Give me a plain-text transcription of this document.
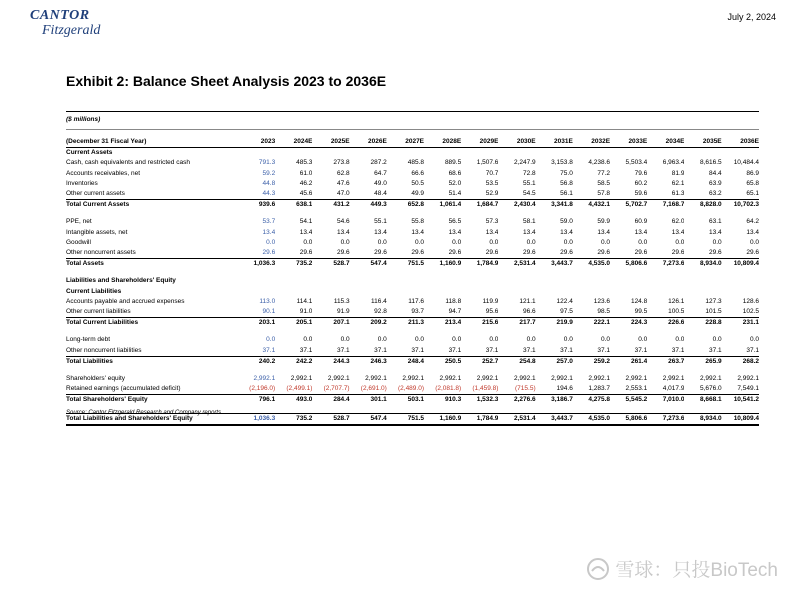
CANTOR
Fitzgerald
July 2, 2024
Exhibit 2: Balance Sheet Analysis 2023 to 2036E
($ millions)
(December 31 Fiscal Year)	2023	2024E	2025E	2026E	2027E	2028E	2029E	2030E	2031E	2032E	2033E	2034E	2035E	2036E
Current Assets														
Cash, cash equivalents and restricted cash	791.3	485.3	273.8	287.2	485.8	889.5	1,507.6	2,247.9	3,153.8	4,238.6	5,503.4	6,963.4	8,616.5	10,484.4
Accounts receivables, net	59.2	61.0	62.8	64.7	66.6	68.6	70.7	72.8	75.0	77.2	79.6	81.9	84.4	86.9
Inventories	44.8	46.2	47.6	49.0	50.5	52.0	53.5	55.1	56.8	58.5	60.2	62.1	63.9	65.8
Other current assets	44.3	45.6	47.0	48.4	49.9	51.4	52.9	54.5	56.1	57.8	59.6	61.3	63.2	65.1
Total Current Assets	939.6	638.1	431.2	449.3	652.8	1,061.4	1,684.7	2,430.4	3,341.8	4,432.1	5,702.7	7,168.7	8,828.0	10,702.3

PPE, net	53.7	54.1	54.6	55.1	55.8	56.5	57.3	58.1	59.0	59.9	60.9	62.0	63.1	64.2
Intangible assets, net	13.4	13.4	13.4	13.4	13.4	13.4	13.4	13.4	13.4	13.4	13.4	13.4	13.4	13.4
Goodwill	0.0	0.0	0.0	0.0	0.0	0.0	0.0	0.0	0.0	0.0	0.0	0.0	0.0	0.0
Other noncurrent assets	29.6	29.6	29.6	29.6	29.6	29.6	29.6	29.6	29.6	29.6	29.6	29.6	29.6	29.6
Total Assets	1,036.3	735.2	528.7	547.4	751.5	1,160.9	1,784.9	2,531.4	3,443.7	4,535.0	5,806.6	7,273.6	8,934.0	10,809.4

Liabilities and Shareholders' Equity														
Current Liabilities														
Accounts payable and accrued expenses	113.0	114.1	115.3	116.4	117.6	118.8	119.9	121.1	122.4	123.6	124.8	126.1	127.3	128.6
Other current liabilities	90.1	91.0	91.9	92.8	93.7	94.7	95.6	96.6	97.5	98.5	99.5	100.5	101.5	102.5
Total Current Liabilities	203.1	205.1	207.1	209.2	211.3	213.4	215.6	217.7	219.9	222.1	224.3	226.6	228.8	231.1

Long-term debt	0.0	0.0	0.0	0.0	0.0	0.0	0.0	0.0	0.0	0.0	0.0	0.0	0.0	0.0
Other noncurrent liabilities	37.1	37.1	37.1	37.1	37.1	37.1	37.1	37.1	37.1	37.1	37.1	37.1	37.1	37.1
Total Liabilities	240.2	242.2	244.3	246.3	248.4	250.5	252.7	254.8	257.0	259.2	261.4	263.7	265.9	268.2

Shareholders' equity	2,992.1	2,992.1	2,992.1	2,992.1	2,992.1	2,992.1	2,992.1	2,992.1	2,992.1	2,992.1	2,992.1	2,992.1	2,992.1	2,992.1
Retained earnings (accumulated deficit)	(2,196.0)	(2,499.1)	(2,707.7)	(2,691.0)	(2,489.0)	(2,081.8)	(1,459.8)	(715.5)	194.6	1,283.7	2,553.1	4,017.9	5,676.0	7,549.1
Total Shareholders' Equity	796.1	493.0	284.4	301.1	503.1	910.3	1,532.3	2,276.6	3,186.7	4,275.8	5,545.2	7,010.0	8,668.1	10,541.2

Total Liabilities and Shareholders' Equity	1,036.3	735.2	528.7	547.4	751.5	1,160.9	1,784.9	2,531.4	3,443.7	4,535.0	5,806.6	7,273.6	8,934.0	10,809.4
Source: Cantor Fitzgerald Research and Company reports
雪球：只投BioTech
